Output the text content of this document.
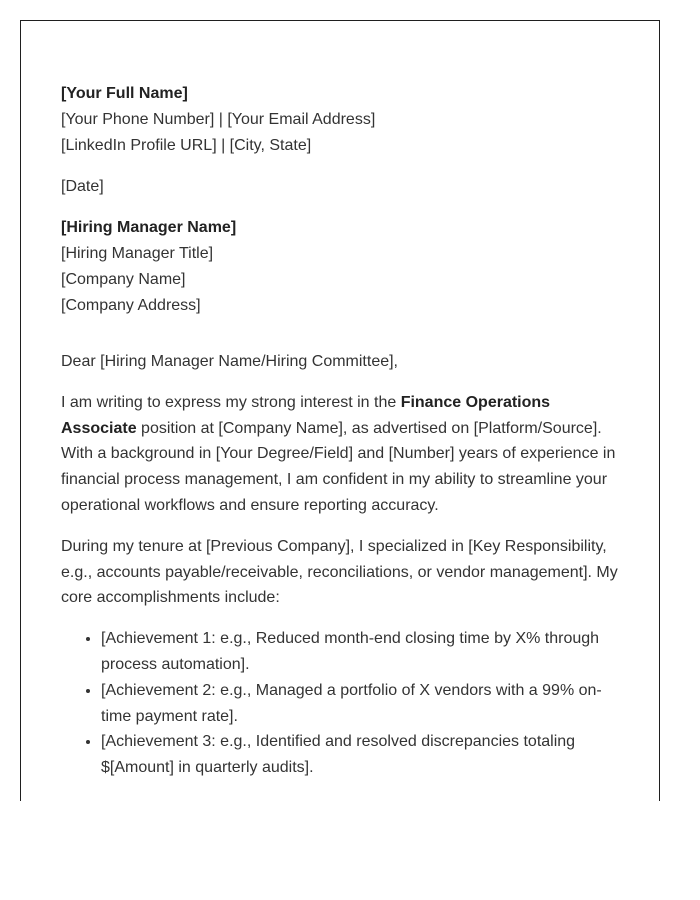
[Your Full Name]
[Your Phone Number] | [Your Email Address]
[LinkedIn Profile URL] | [City, State]
[Date]
[Hiring Manager Name]
[Hiring Manager Title]
[Company Name]
[Company Address]

Dear [Hiring Manager Name/Hiring Committee],

I am writing to express my strong interest in the Finance Operations Associate position at [Company Name], as advertised on [Platform/Source]. With a background in [Your Degree/Field] and [Number] years of experience in financial process management, I am confident in my ability to streamline your operational workflows and ensure reporting accuracy.

During my tenure at [Previous Company], I specialized in [Key Responsibility, e.g., accounts payable/receivable, reconciliations, or vendor management]. My core accomplishments include:

• [Achievement 1: e.g., Reduced month-end closing time by X% through process automation].
• [Achievement 2: e.g., Managed a portfolio of X vendors with a 99% on-time payment rate].
• [Achievement 3: e.g., Identified and resolved discrepancies totaling $[Amount] in quarterly audits].
